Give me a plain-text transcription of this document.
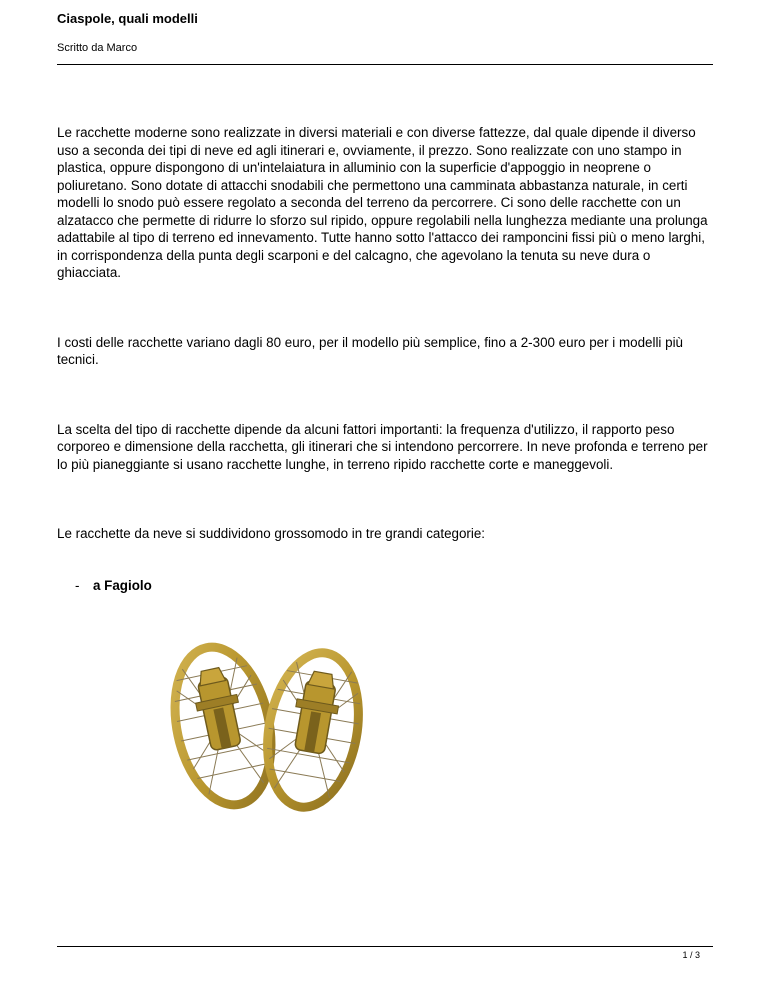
Ciaspole, quali modelli

Scritto da Marco

Le racchette moderne sono realizzate in diversi materiali e con diverse fattezze, dal quale dipende il diverso uso a seconda dei tipi di neve ed agli itinerari e, ovviamente, il prezzo. Sono realizzate con uno stampo in plastica, oppure dispongono di un'intelaiatura in alluminio con la superficie d'appoggio in neoprene o poliuretano. Sono dotate di attacchi snodabili che permettono una camminata abbastanza naturale, in certi modelli lo snodo può essere regolato a seconda del terreno da percorrere. Ci sono delle racchette con un alzatacco che permette di ridurre lo sforzo sul ripido, oppure regolabili nella lunghezza mediante una prolunga adattabile al tipo di terreno ed innevamento. Tutte hanno sotto l'attacco dei ramponcini fissi più o meno larghi, in corrispondenza della punta degli scarponi e del calcagno, che agevolano la tenuta su neve dura o ghiacciata.

I costi delle racchette variano dagli 80 euro, per il modello più semplice, fino a 2-300 euro per i modelli più tecnici.

La scelta del tipo di racchette dipende da alcuni fattori importanti: la frequenza d'utilizzo, il rapporto peso corporeo e dimensione della racchetta, gli itinerari che si intendono percorrere. In neve profonda e terreno per lo più pianeggiante si usano racchette lunghe, in terreno ripido racchette corte e maneggevoli.

Le racchette da neve si suddividono grossomodo in tre grandi categorie:

-	a Fagiolo
1 / 3
